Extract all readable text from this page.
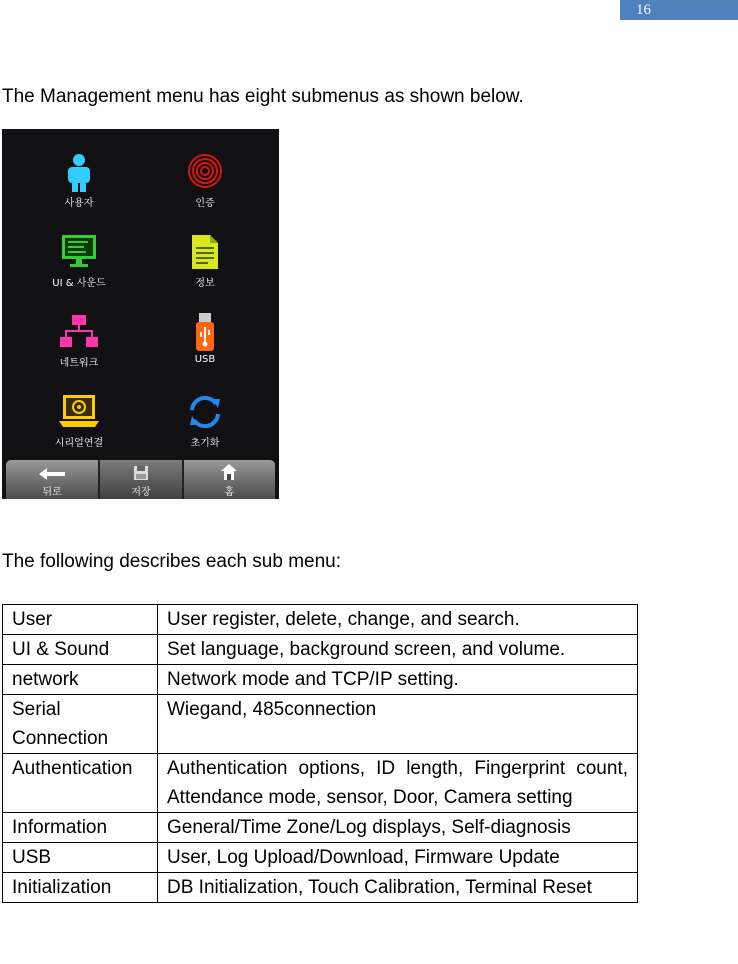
16
The Management menu has eight submenus as shown below.
사용자	인증
UI & 사운드	정보
네트워크	USB
시리얼연결	초기화
뒤로	저장	홈
The following describes each sub menu:
User	User register, delete, change, and search.
UI & Sound	Set language, background screen, and volume.
network	Network mode and TCP/IP setting.
Serial Connection	Wiegand, 485connection
Authentication	Authentication options, ID length, Fingerprint count, Attendance mode, sensor, Door, Camera setting
Information	General/Time Zone/Log displays, Self-diagnosis
USB	User, Log Upload/Download, Firmware Update
Initialization	DB Initialization, Touch Calibration, Terminal Reset
